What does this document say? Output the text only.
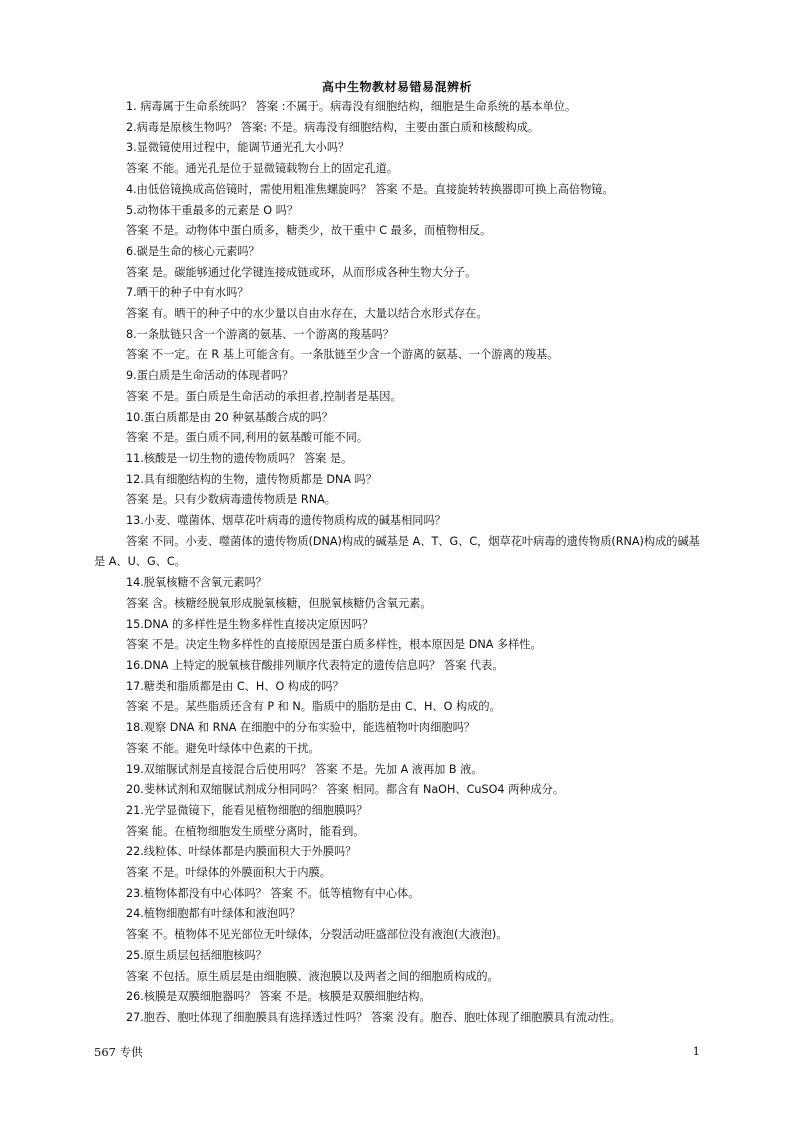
高中生物教材易错易混辨析
1. 病毒属于生命系统吗？ 答案 :不属于。病毒没有细胞结构，细胞是生命系统的基本单位。
2.病毒是原核生物吗？ 答案: 不是。病毒没有细胞结构，主要由蛋白质和核酸构成。
3.显微镜使用过程中，能调节通光孔大小吗？
答案 不能。通光孔是位于显微镜载物台上的固定孔道。
4.由低倍镜换成高倍镜时，需使用粗准焦螺旋吗？ 答案 不是。直接旋转转换器即可换上高倍物镜。
5.动物体干重最多的元素是 O 吗？
答案 不是。动物体中蛋白质多，糖类少，故干重中 C 最多，而植物相反。
6.碳是生命的核心元素吗？
答案 是。碳能够通过化学键连接成链或环，从而形成各种生物大分子。
7.晒干的种子中有水吗？
答案 有。晒干的种子中的水少量以自由水存在，大量以结合水形式存在。
8.一条肽链只含一个游离的氨基、一个游离的羧基吗？
答案 不一定。在 R 基上可能含有。一条肽链至少含一个游离的氨基、一个游离的羧基。
9.蛋白质是生命活动的体现者吗？
答案 不是。蛋白质是生命活动的承担者,控制者是基因。
10.蛋白质都是由 20 种氨基酸合成的吗？
答案 不是。蛋白质不同,利用的氨基酸可能不同。
11.核酸是一切生物的遗传物质吗？ 答案 是。
12.具有细胞结构的生物，遗传物质都是 DNA 吗？
答案 是。只有少数病毒遗传物质是 RNA。
13.小麦、噬菌体、烟草花叶病毒的遗传物质构成的碱基相同吗？
答案 不同。小麦、噬菌体的遗传物质(DNA)构成的碱基是 A、T、G、C，烟草花叶病毒的遗传物质(RNA)构成的碱基是 A、U、G、C。
14.脱氧核糖不含氧元素吗？
答案 含。核糖经脱氧形成脱氧核糖，但脱氧核糖仍含氧元素。
15.DNA 的多样性是生物多样性直接决定原因吗？
答案 不是。决定生物多样性的直接原因是蛋白质多样性，根本原因是 DNA 多样性。
16.DNA 上特定的脱氧核苷酸排列顺序代表特定的遗传信息吗？ 答案 代表。
17.糖类和脂质都是由 C、H、O 构成的吗？
答案 不是。某些脂质还含有 P 和 N。脂质中的脂肪是由 C、H、O 构成的。
18.观察 DNA 和 RNA 在细胞中的分布实验中，能选植物叶肉细胞吗？
答案 不能。避免叶绿体中色素的干扰。
19.双缩脲试剂是直接混合后使用吗？ 答案 不是。先加 A 液再加 B 液。
20.斐林试剂和双缩脲试剂成分相同吗？ 答案 相同。都含有 NaOH、CuSO4 两种成分。
21.光学显微镜下，能看见植物细胞的细胞膜吗？
答案 能。在植物细胞发生质壁分离时，能看到。
22.线粒体、叶绿体都是内膜面积大于外膜吗？
答案 不是。叶绿体的外膜面积大于内膜。
23.植物体都没有中心体吗？ 答案 不。低等植物有中心体。
24.植物细胞都有叶绿体和液泡吗？
答案 不。植物体不见光部位无叶绿体，分裂活动旺盛部位没有液泡(大液泡)。
25.原生质层包括细胞核吗？
答案 不包括。原生质层是由细胞膜、液泡膜以及两者之间的细胞质构成的。
26.核膜是双膜细胞器吗？ 答案 不是。核膜是双膜细胞结构。
27.胞吞、胞吐体现了细胞膜具有选择透过性吗？ 答案 没有。胞吞、胞吐体现了细胞膜具有流动性。
567 专供	1
